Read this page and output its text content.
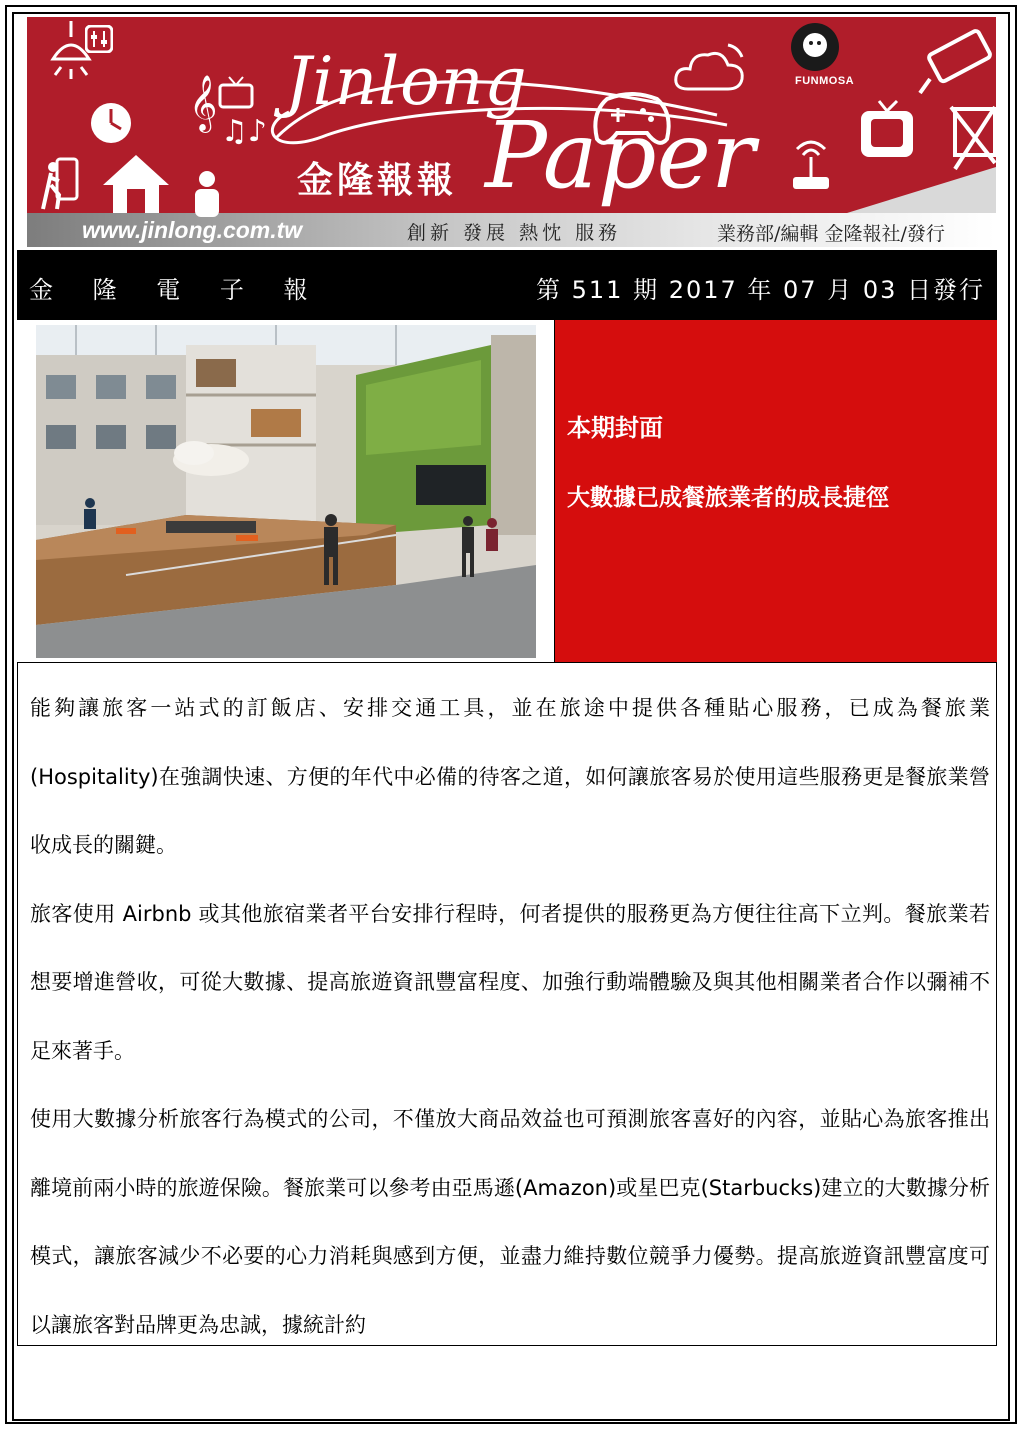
𝄞
♫♪
FUNMOSA
Jinlong
Paper
金隆報報
www.jinlong.com.tw	創新 發展 熱忱 服務	業務部/編輯 金隆報社/發行
金 隆 電 子 報	第 511 期 2017 年 07 月 03 日發行
本期封面
大數據已成餐旅業者的成長捷徑

能夠讓旅客一站式的訂飯店、安排交通工具，並在旅途中提供各種貼心服務，已成為餐旅業(Hospitality)在強調快速、方便的年代中必備的待客之道，如何讓旅客易於使用這些服務更是餐旅業營收成長的關鍵。

旅客使用 Airbnb 或其他旅宿業者平台安排行程時，何者提供的服務更為方便往往高下立判。餐旅業若想要增進營收，可從大數據、提高旅遊資訊豐富程度、加強行動端體驗及與其他相關業者合作以彌補不足來著手。

使用大數據分析旅客行為模式的公司，不僅放大商品效益也可預測旅客喜好的內容，並貼心為旅客推出離境前兩小時的旅遊保險。餐旅業可以參考由亞馬遜(Amazon)或星巴克(Starbucks)建立的大數據分析模式，讓旅客減少不必要的心力消耗與感到方便，並盡力維持數位競爭力優勢。提高旅遊資訊豐富度可以讓旅客對品牌更為忠誠，據統計約
